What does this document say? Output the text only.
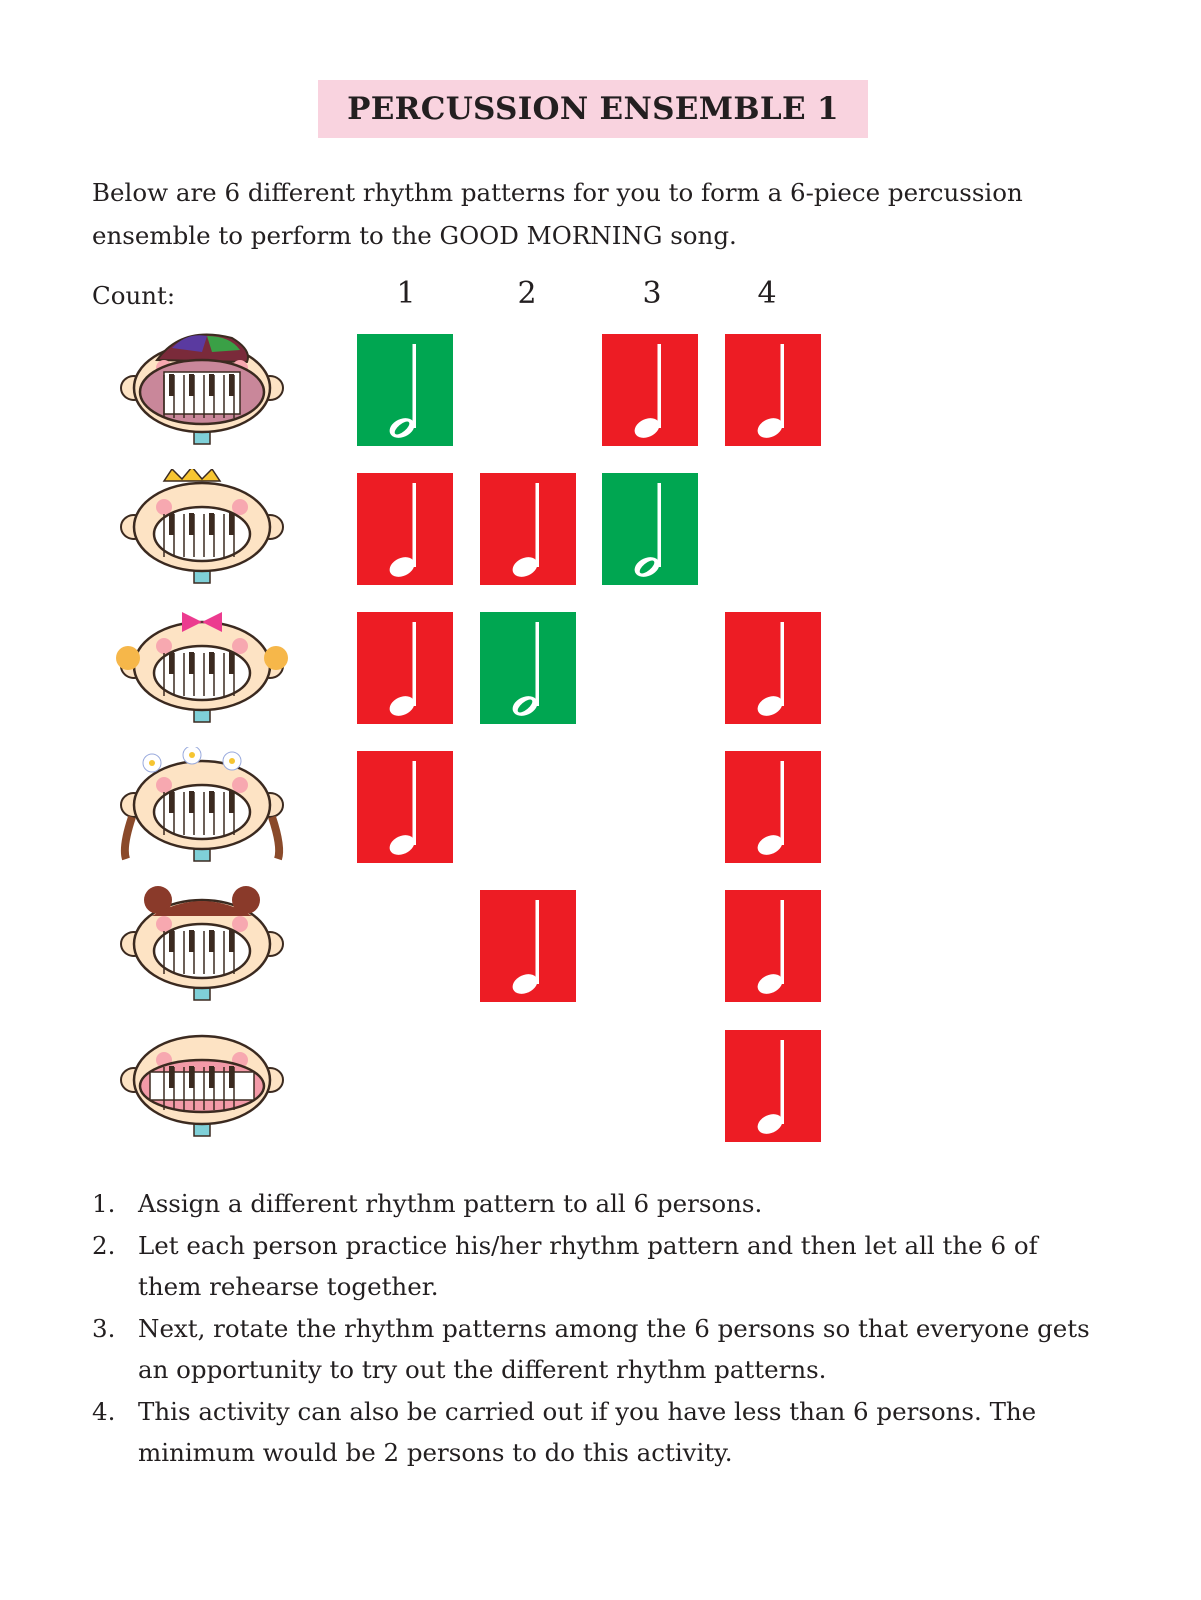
PERCUSSION ENSEMBLE 1

Below are 6 different rhythm patterns for you to form a 6-piece percussion ensemble to perform to the GOOD MORNING song.

Count:	1	2	3	4
1. Assign a different rhythm pattern to all 6 persons.
2. Let each person practice his/her rhythm pattern and then let all the 6 of them rehearse together.
3. Next, rotate the rhythm patterns among the 6 persons so that everyone gets an opportunity to try out the different rhythm patterns.
4. This activity can also be carried out if you have less than 6 persons. The minimum would be 2 persons to do this activity.
